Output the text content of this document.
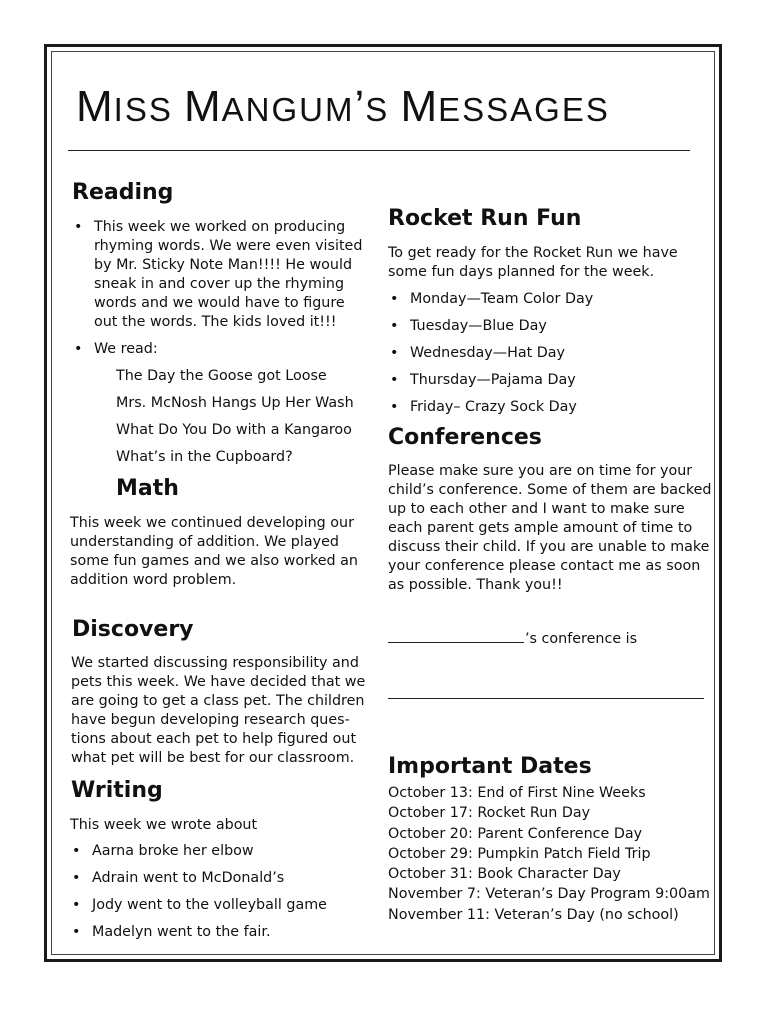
MISS MANGUM’S MESSAGES
Reading
• This week we worked on producing rhyming words. We were even visited by Mr. Sticky Note Man!!!! He would sneak in and cover up the rhyming words and we would have to figure out the words. The kids loved it!!!
• We read:
The Day the Goose got Loose
Mrs. McNosh Hangs Up Her Wash
What Do You Do with a Kangaroo
What’s in the Cupboard?
Math

This week we continued developing our understanding of addition. We played some fun games and we also worked an addition word problem.

Discovery

We started discussing responsibility and pets this week. We have decided that we are going to get a class pet. The children have begun developing research ques-tions about each pet to help figured out what pet will be best for our classroom.

Writing

This week we wrote about

• Aarna broke her elbow
• Adrain went to McDonald’s
• Jody went to the volleyball game
• Madelyn went to the fair.
Rocket Run Fun

To get ready for the Rocket Run we have some fun days planned for the week.

• Monday—Team Color Day
• Tuesday—Blue Day
• Wednesday—Hat Day
• Thursday—Pajama Day
• Friday– Crazy Sock Day
Conferences

Please make sure you are on time for your child’s conference. Some of them are backed up to each other and I want to make sure each parent gets ample amount of time to discuss their child. If you are unable to make your conference please contact me as soon as possible. Thank you!!

’s conference is
Important Dates
October 13: End of First Nine Weeks
October 17: Rocket Run Day
October 20: Parent Conference Day
October 29: Pumpkin Patch Field Trip
October 31: Book Character Day
November 7: Veteran’s Day Program 9:00am
November 11: Veteran’s Day (no school)
